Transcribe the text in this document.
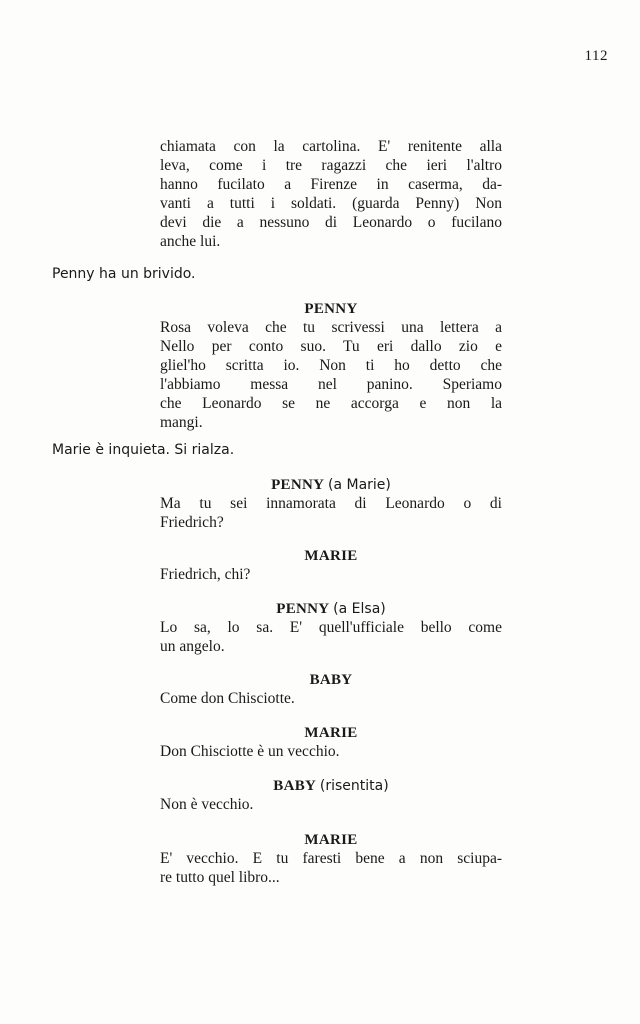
112
chiamata con la cartolina. E' renitente alla
leva, come i tre ragazzi che ieri l'altro
hanno fucilato a Firenze in caserma, da-
vanti a tutti i soldati. (guarda Penny) Non
devi die a nessuno di Leonardo o fucilano
anche lui.
Penny ha un brivido.
PENNY
Rosa voleva che tu scrivessi una lettera a
Nello per conto suo. Tu eri dallo zio e
gliel'ho scritta io. Non ti ho detto che
l'abbiamo messa nel panino. Speriamo
che Leonardo se ne accorga e non la
mangi.
Marie è inquieta. Si rialza.
PENNY (a Marie)
Ma tu sei innamorata di Leonardo o di
Friedrich?
MARIE
Friedrich, chi?
PENNY (a Elsa)
Lo sa, lo sa. E' quell'ufficiale bello come
un angelo.
BABY
Come don Chisciotte.
MARIE
Don Chisciotte è un vecchio.
BABY (risentita)
Non è vecchio.
MARIE
E' vecchio. E tu faresti bene a non sciupa-
re tutto quel libro...
